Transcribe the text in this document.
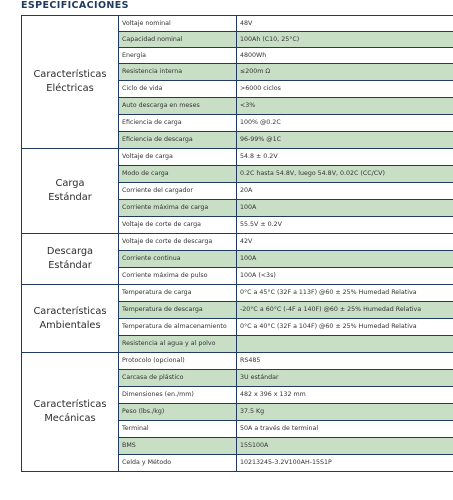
ESPECIFICACIONES
Características
Eléctricas	Voltaje nominal	48V
	Capacidad nominal	100Ah (C10, 25°C)
	Energía	4800Wh
	Resistencia interna	≤200m Ω
	Ciclo de vida	>6000 ciclos
	Auto descarga en meses	<3%
	Eficiencia de carga	100% @0.2C
	Eficiencia de descarga	96-99% @1C

Carga
Estándar	Voltaje de carga	54.8 ± 0.2V
	Modo de carga	0.2C hasta 54.8V, luego 54.8V, 0.02C (CC/CV)
	Corriente del cargador	20A
	Corriente máxima de carga	100A
	Voltaje de corte de carga	55.5V ± 0.2V

Descarga
Estándar	Voltaje de corte de descarga	42V
	Corriente continua	100A
	Corriente máxima de pulso	100A (<3s)

Características
Ambientales	Temperatura de carga	0°C a 45°C (32F a 113F) @60 ± 25% Humedad Relativa
	Temperatura de descarga	-20°C a 60°C (-4F a 140F) @60 ± 25% Humedad Relativa
	Temperatura de almacenamiento	0°C a 40°C (32F a 104F) @60 ± 25% Humedad Relativa
	Resistencia al agua y al polvo	

Características
Mecánicas	Protocolo (opcional)	RS485
	Carcasa de plástico	3U estándar
	Dimensiones (en./mm)	482 x 396 x 132 mm
	Peso (lbs./kg)	37.5 Kg
	Terminal	50A a través de terminal
	BMS	15S100A
	Celda y Método	10213245-3.2V100AH-15S1P
